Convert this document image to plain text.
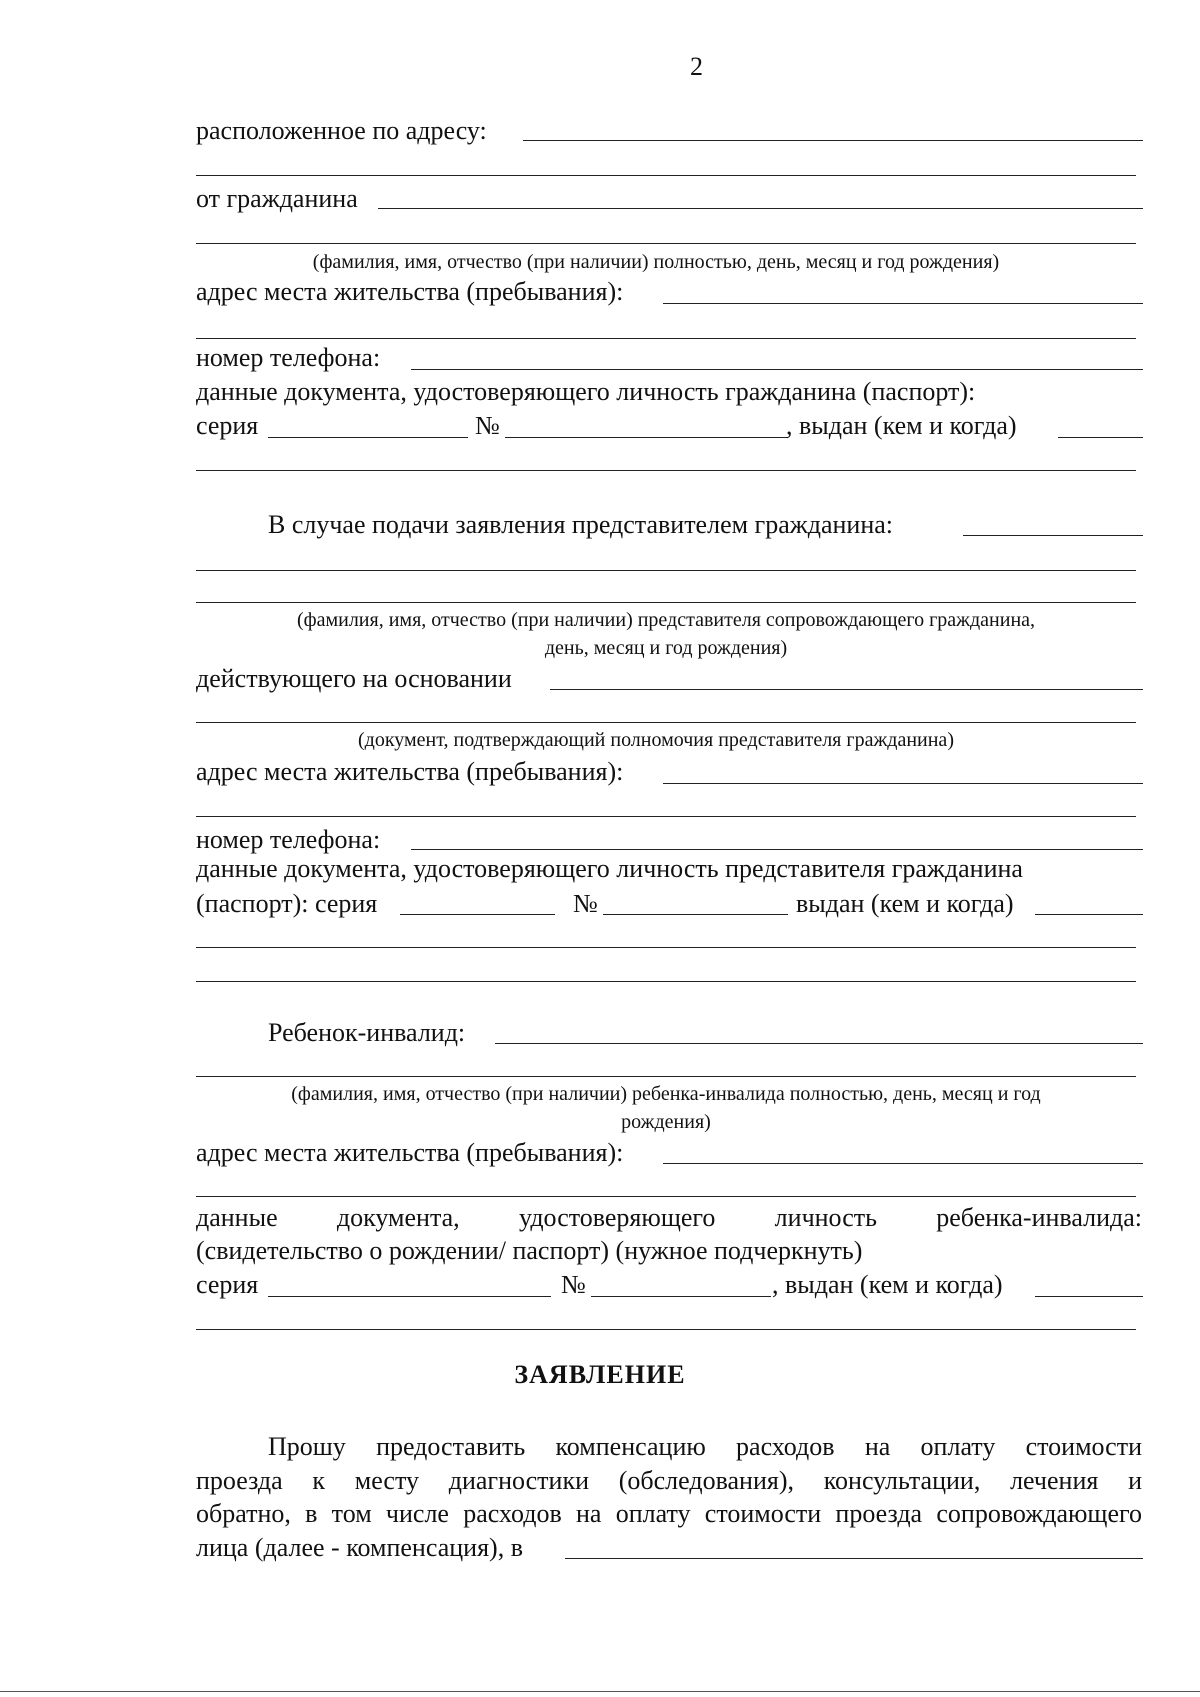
2
расположенное по адресу:
от гражданина
(фамилия, имя, отчество (при наличии) полностью, день, месяц и год рождения)
адрес места жительства (пребывания):
номер телефона:
данные документа, удостоверяющего личность гражданина (паспорт):
серия	№	, выдан (кем и когда)
В случае подачи заявления представителем гражданина:
(фамилия, имя, отчество (при наличии) представителя сопровождающего гражданина,
день, месяц и год рождения)
действующего на основании
(документ, подтверждающий полномочия представителя гражданина)
адрес места жительства (пребывания):
номер телефона:
данные документа, удостоверяющего личность представителя гражданина
(паспорт): серия	№	выдан (кем и когда)
Ребенок-инвалид:
(фамилия, имя, отчество (при наличии) ребенка-инвалида полностью, день, месяц и год
рождения)
адрес места жительства (пребывания):
данные документа, удостоверяющего личность ребенка-инвалида:
(свидетельство о рождении/ паспорт) (нужное подчеркнуть)
серия	№	, выдан (кем и когда)
ЗАЯВЛЕНИЕ
Прошу предоставить компенсацию расходов на оплату стоимости
проезда к месту диагностики (обследования), консультации, лечения и
обратно, в том числе расходов на оплату стоимости проезда сопровождающего
лица (далее - компенсация), в
